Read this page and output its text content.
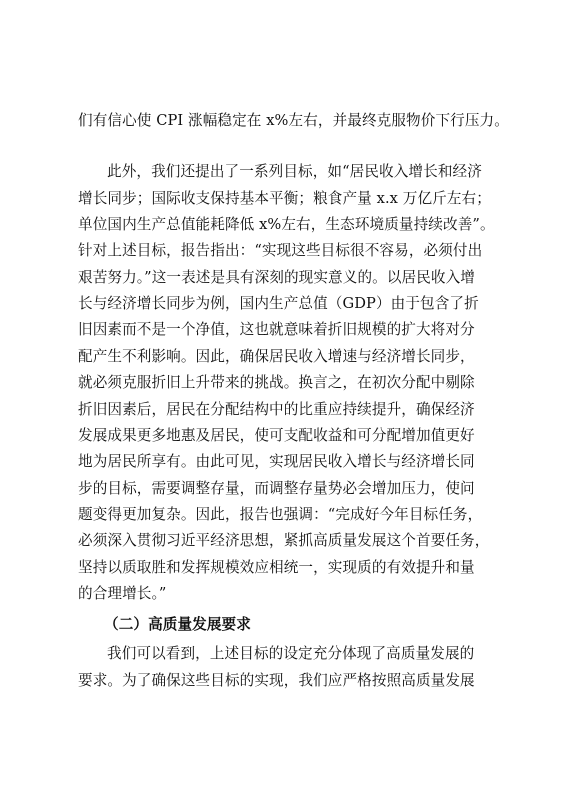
们有信心使 CPI 涨幅稳定在 x%左右，并最终克服物价下行压力。
此外，我们还提出了一系列目标，如“居民收入增长和经济
增长同步；国际收支保持基本平衡；粮食产量 x.x 万亿斤左右；
单位国内生产总值能耗降低 x%左右，生态环境质量持续改善”。
针对上述目标，报告指出：“实现这些目标很不容易，必须付出
艰苦努力。”这一表述是具有深刻的现实意义的。以居民收入增
长与经济增长同步为例，国内生产总值（GDP）由于包含了折
旧因素而不是一个净值，这也就意味着折旧规模的扩大将对分
配产生不利影响。因此，确保居民收入增速与经济增长同步，
就必须克服折旧上升带来的挑战。换言之，在初次分配中剔除
折旧因素后，居民在分配结构中的比重应持续提升，确保经济
发展成果更多地惠及居民，使可支配收益和可分配增加值更好
地为居民所享有。由此可见，实现居民收入增长与经济增长同
步的目标，需要调整存量，而调整存量势必会增加压力，使问
题变得更加复杂。因此，报告也强调：“完成好今年目标任务，
必须深入贯彻习近平经济思想，紧抓高质量发展这个首要任务，
坚持以质取胜和发挥规模效应相统一，实现质的有效提升和量
的合理增长。”
（二）高质量发展要求
我们可以看到，上述目标的设定充分体现了高质量发展的
要求。为了确保这些目标的实现，我们应严格按照高质量发展
